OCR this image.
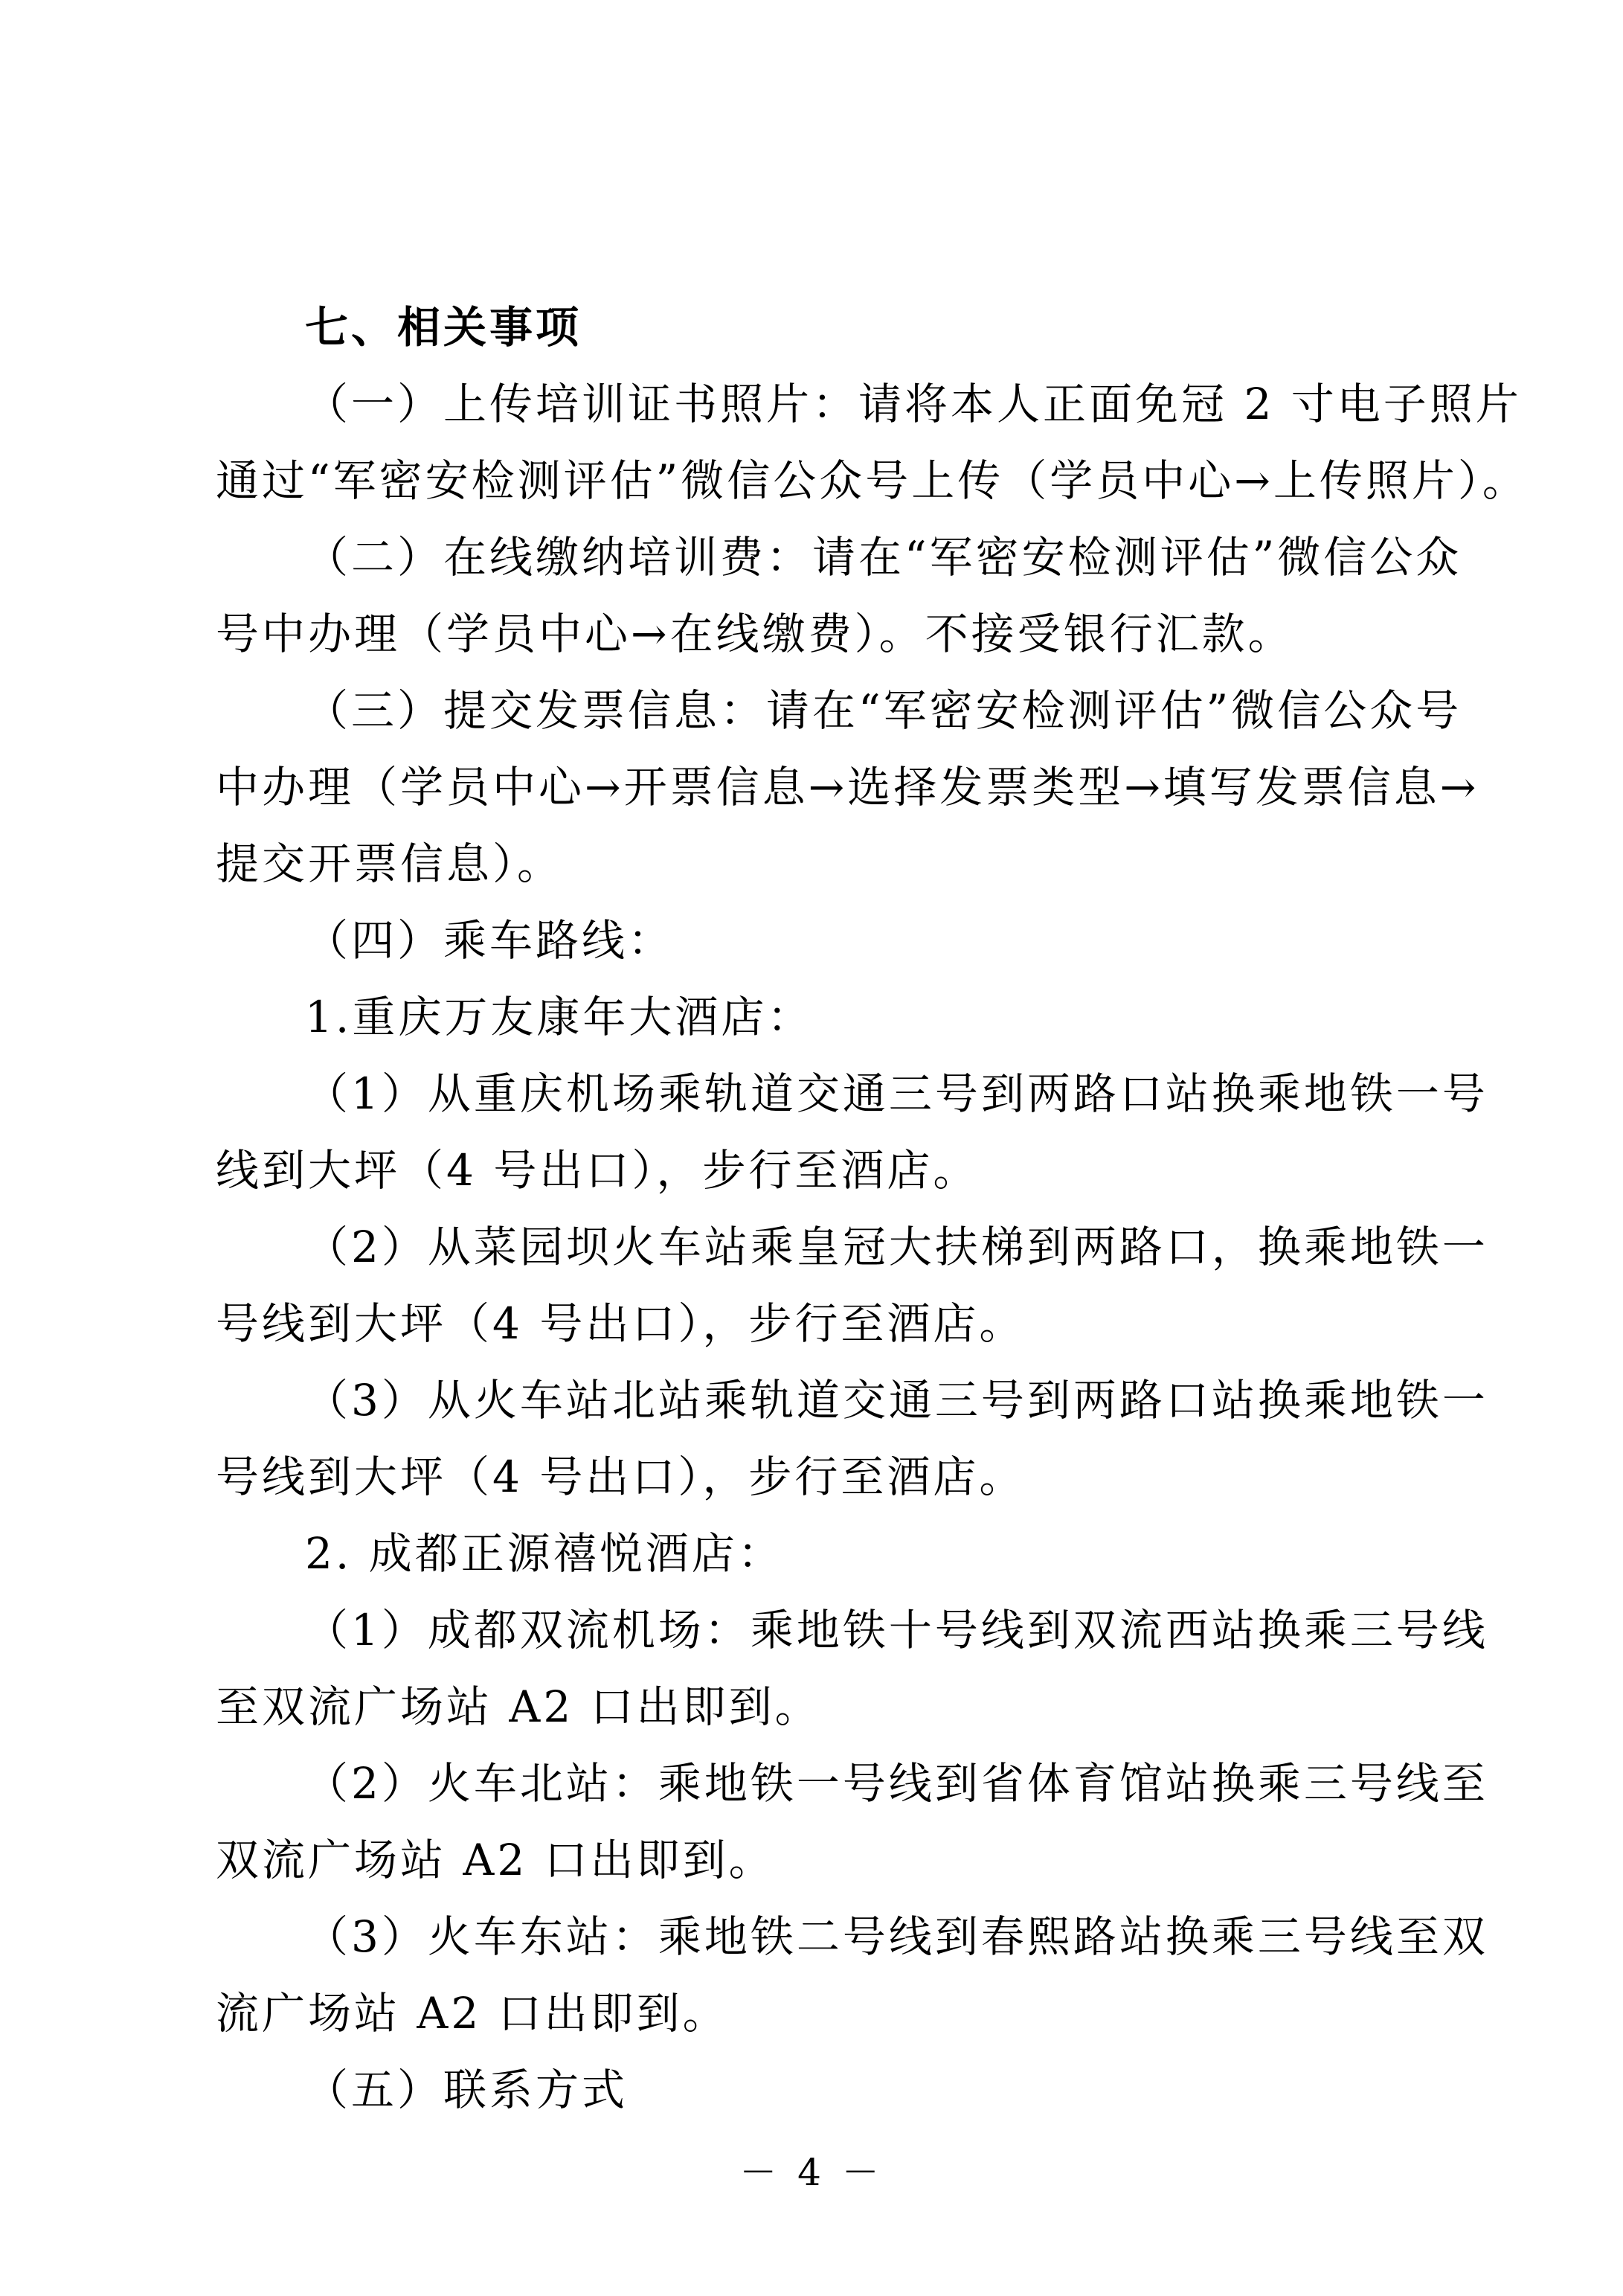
七、相关事项
（一）上传培训证书照片：请将本人正面免冠 2 寸电子照片
通过“军密安检测评估”微信公众号上传（学员中心→上传照片）。
（二）在线缴纳培训费：请在“军密安检测评估”微信公众
号中办理（学员中心→在线缴费）。不接受银行汇款。
（三）提交发票信息：请在“军密安检测评估”微信公众号
中办理（学员中心→开票信息→选择发票类型→填写发票信息→
提交开票信息）。
（四）乘车路线：
1.重庆万友康年大酒店：
（1）从重庆机场乘轨道交通三号到两路口站换乘地铁一号
线到大坪（4 号出口），步行至酒店。
（2）从菜园坝火车站乘皇冠大扶梯到两路口，换乘地铁一
号线到大坪（4 号出口），步行至酒店。
（3）从火车站北站乘轨道交通三号到两路口站换乘地铁一
号线到大坪（4 号出口），步行至酒店。
2. 成都正源禧悦酒店：
（1）成都双流机场：乘地铁十号线到双流西站换乘三号线
至双流广场站 A2 口出即到。
（2）火车北站：乘地铁一号线到省体育馆站换乘三号线至
双流广场站 A2 口出即到。
（3）火车东站：乘地铁二号线到春熙路站换乘三号线至双
流广场站 A2 口出即到。
（五）联系方式
－ 4 －
